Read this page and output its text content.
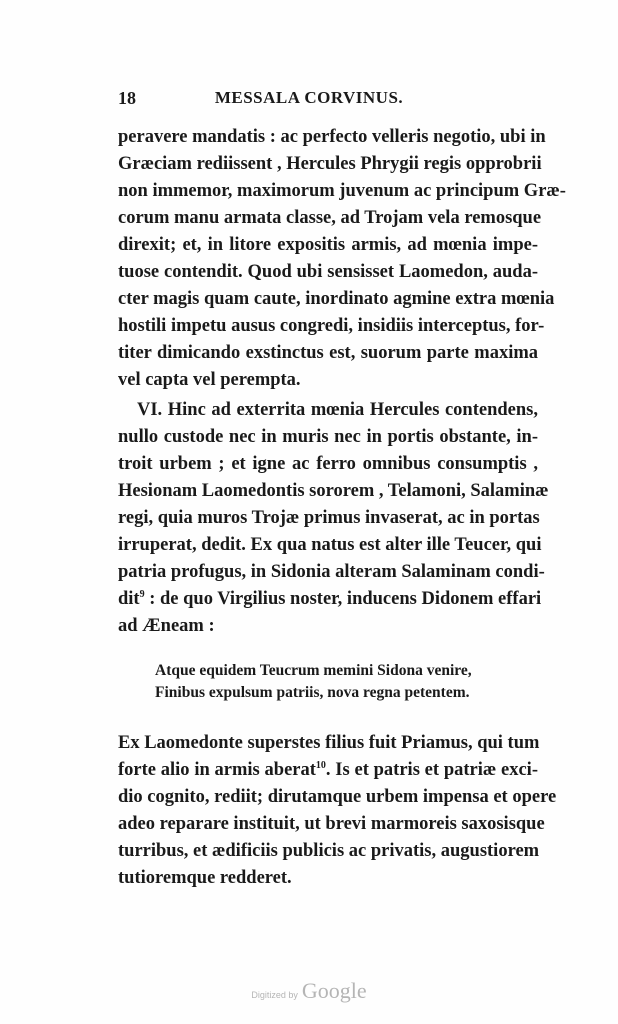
18	MESSALA CORVINUS.
peravere mandatis : ac perfecto velleris negotio, ubi in
Græciam rediissent , Hercules Phrygii regis opprobrii
non immemor, maximorum juvenum ac principum Græ-
corum manu armata classe, ad Trojam vela remosque
direxit; et, in litore expositis armis, ad mœnia impe-
tuose contendit. Quod ubi sensisset Laomedon, auda-
cter magis quam caute, inordinato agmine extra mœnia
hostili impetu ausus congredi, insidiis interceptus, for-
titer dimicando exstinctus est, suorum parte maxima
vel capta vel perempta.
VI. Hinc ad exterrita mœnia Hercules contendens,
nullo custode nec in muris nec in portis obstante, in-
troit urbem ; et igne ac ferro omnibus consumptis ,
Hesionam Laomedontis sororem , Telamoni, Salaminæ
regi, quia muros Trojæ primus invaserat, ac in portas
irruperat, dedit. Ex qua natus est alter ille Teucer, qui
patria profugus, in Sidonia alteram Salaminam condi-
dit$^9$ : de quo Virgilius noster, inducens Didonem effari
ad Æneam :
Atque equidem Teucrum memini Sidona venire,
Finibus expulsum patriis, nova regna petentem.
Ex Laomedonte superstes filius fuit Priamus, qui tum
forte alio in armis aberat$^{10}$. Is et patris et patriæ exci-
dio cognito, rediit; dirutamque urbem impensa et opere
adeo reparare instituit, ut brevi marmoreis saxosisque
turribus, et ædificiis publicis ac privatis, augustiorem
tutioremque redderet.
Digitized by Google
